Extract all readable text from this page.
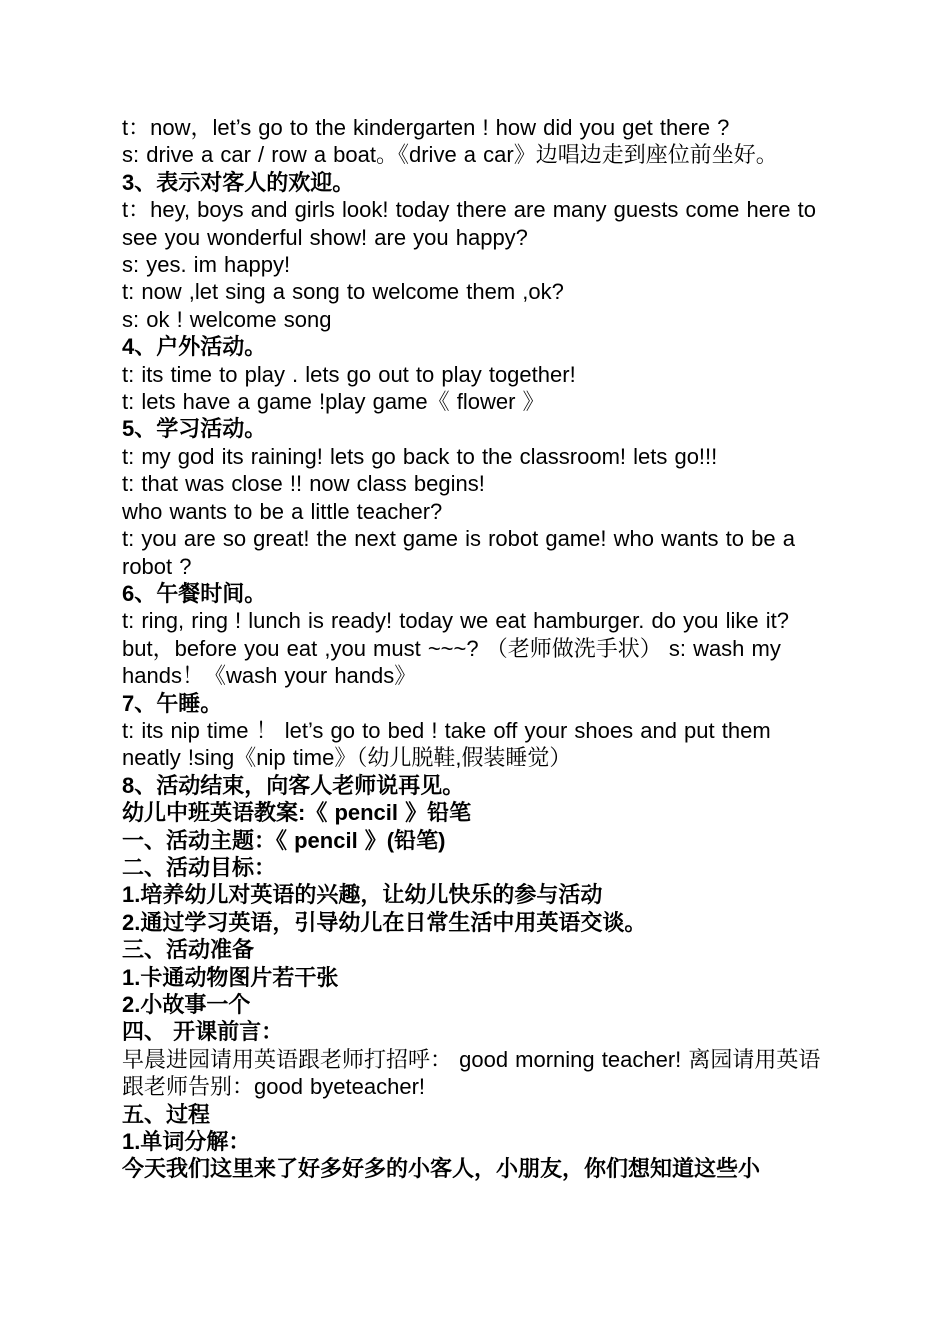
t：now，let’s go to the kindergarten ! how did you get there ?
s: drive a car / row a boat。《drive a car》边唱边走到座位前坐好。
3、表示对客人的欢迎。
t：hey, boys and girls look! today there are many guests come here to see you wonderful show! are you happy?
s: yes. im happy!
t: now ,let sing a song to welcome them ,ok?
s: ok ! welcome song
4、户外活动。
t: its time to play . lets go out to play together!
t: lets have a game !play game《 flower 》
5、学习活动。
t: my god its raining! lets go back to the classroom! lets go!!!
t: that was close !! now class begins!
who wants to be a little teacher?
t: you are so great! the next game is robot game! who wants to be a robot ?
6、午餐时间。
t: ring, ring ! lunch is ready! today we eat hamburger. do you like it? but，before you eat ,you must ~~~? （老师做洗手状） s: wash my hands！《wash your hands》
7、午睡。
t: its nip time ！ let’s go to bed ! take off your shoes and put them neatly !sing《nip time》（幼儿脱鞋,假装睡觉）
8、活动结束，向客人老师说再见。
幼儿中班英语教案:《 pencil 》铅笔
一、活动主题：《 pencil 》(铅笔)
二、活动目标：
1.培养幼儿对英语的兴趣，让幼儿快乐的参与活动
2.通过学习英语，引导幼儿在日常生活中用英语交谈。
三、活动准备
1.卡通动物图片若干张
2.小故事一个
四、 开课前言：
早晨进园请用英语跟老师打招呼： good morning teacher! 离园请用英语跟老师告别：good byeteacher!
五、过程
1.单词分解：
今天我们这里来了好多好多的小客人，小朋友，你们想知道这些小
